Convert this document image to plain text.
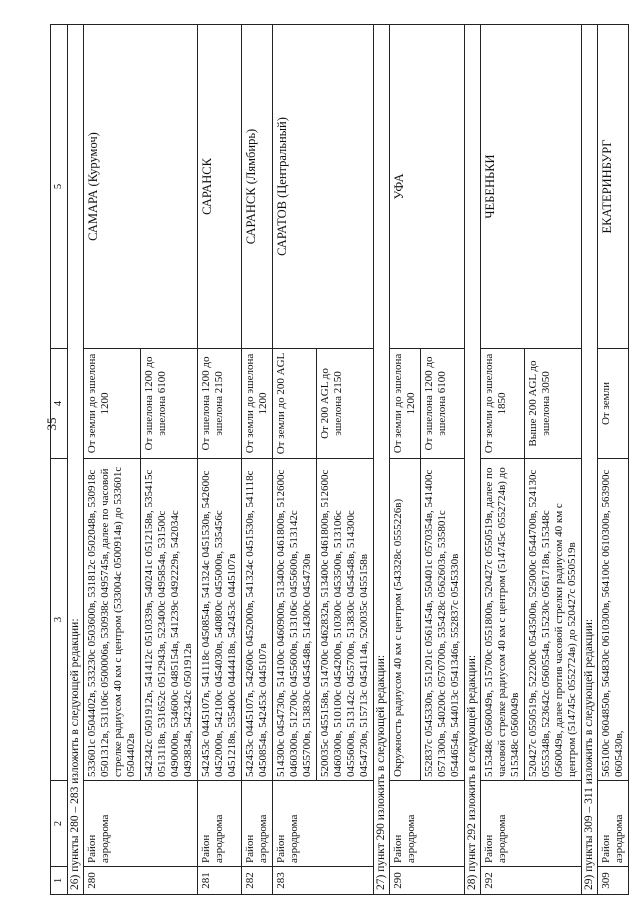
35
1	2	3	4	5
26) пункты 280 – 283 изложить в следующей редакции:				
280	Район аэродрома	533601с 0504402в, 533230с 0503600в, 531812с 0502048в, 530918с 0501312в, 531106с 0500006в, 530938с 0495745в, далее по часовой стрелке радиусом 40 км с центром (533004с 0500914в) до 533601с 0504402в	От земли до эшелона 1200	САМАРА (Курумоч)
		542342с 0501912в, 541412с 0510339в, 540241с 0512158в, 535415с 0513118в, 531652с 0512943в, 523400с 0495854в, 531500с 0490000в, 534600с 0485154в, 541239с 0492229в, 542034с 0493834в, 542342с 0501912в	От эшелона 1200 до эшелона 6100	
281	Район аэродрома	542453с 0445107в, 541118с 0450854в, 541324с 0451530в, 542600с 0452000в, 542100с 0454030в, 540800с 0455000в, 535456с 0451218в, 535400с 0444418в, 542453с 0445107в	От эшелона 1200 до эшелона 2150	САРАНСК
282	Район аэродрома	542453с 0445107в, 542600с 0452000в, 541324с 0451530в, 541118с 0450854в, 542453с 0445107в	От земли до эшелона 1200	САРАНСК (Лямбирь)
283	Район аэродрома	514300с 0454730в, 514100с 0460900в, 513400с 0461800в, 512600с 0460300в, 512700с 0455600в, 513106с 0455600в, 513142с 0455700в, 513830с 0454548в, 514300с 0454730в	От земли до 200 AGL	САРАТОВ (Центральный)
		520035с 0455158в, 514700с 0462832в, 513400с 0461800в, 512600с 0460300в, 510100с 0454200в, 510300с 0453500в, 513106с 0455600в, 513142с 0455700в, 513830с 0454548в, 514300с 0454730в, 515713с 0454114в, 520035с 0455158в	От 200 AGL до эшелона 2150	
27) пункт 290 изложить в следующей редакции:				
290	Район аэродрома	Окружность радиусом 40 км с центром (543328с 0555226в)	От земли до эшелона 1200	УФА
		552837с 0545330в, 551201с 0561454в, 550401с 0570354в, 541400с 0571300в, 540200с 0570700в, 535428с 0562603в, 535801с 0544654в, 544013с 0541346в, 552837с 0545330в	От эшелона 1200 до эшелона 6100	
28) пункт 292 изложить в следующей редакции:				
292	Район аэродрома	515348с 0560049в, 515700с 0551800в, 520427с 0550519в, далее по часовой стрелке радиусом 40 км с центром (514745с 0552724в) до 515348с 0560049в	От земли до эшелона 1850	ЧЕБЕНЬКИ
		520427с 0550519в, 522200с 0543500в, 525000с 0544700в, 524130с 0555348в, 523642с 0560554в, 515230с 0561718в, 515348с 0560049в, далее против часовой стрелки радиусом 40 км с центром (514745с 0552724в) до 520427с 0550519в	Выше 200 AGL до эшелона 3050	
29) пункты 309 – 311 изложить в следующей редакции:				
309	Район аэродрома	565100с 0604850в, 564830с 0610300в, 564100с 0610300в, 563900с 0605430в,	От земли	ЕКАТЕРИНБУРГ
